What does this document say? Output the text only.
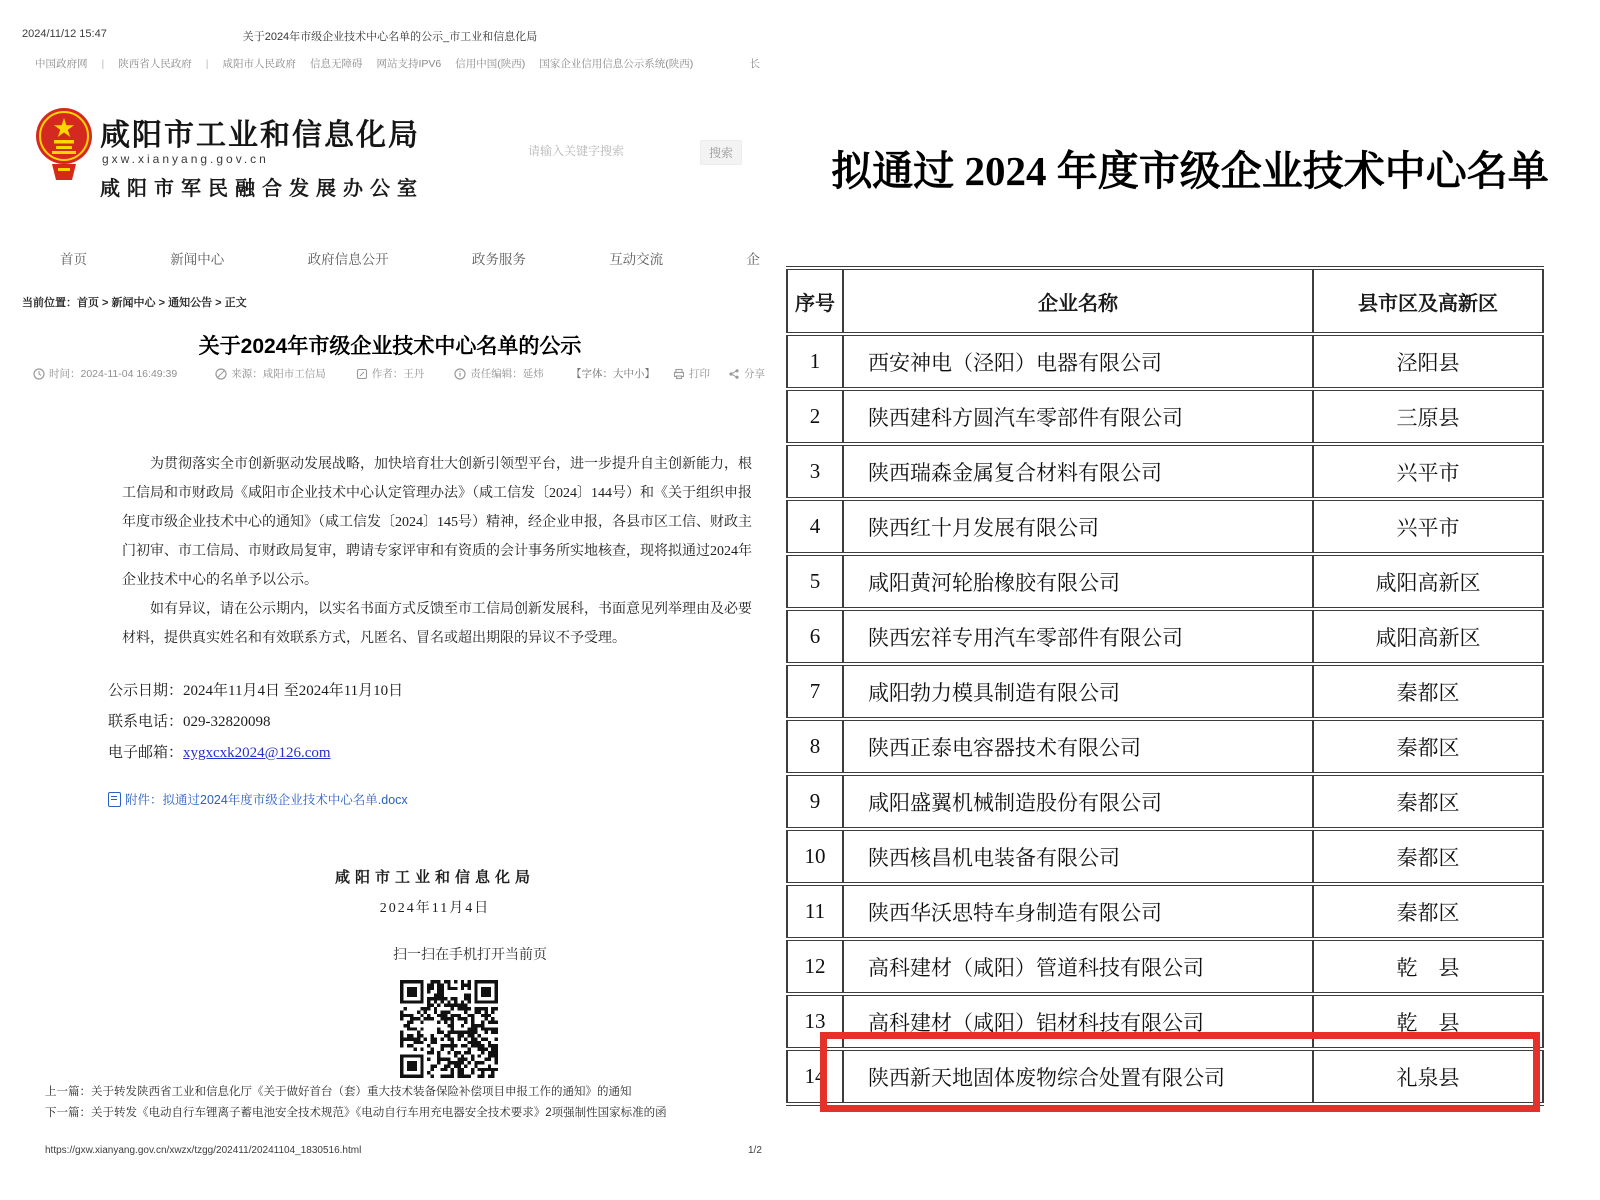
2024/11/12 15:47	关于2024年市级企业技术中心名单的公示_市工业和信息化局
中国政府网 | 陕西省人民政府 | 咸阳市人民政府 信息无障碍 网站支持IPV6 信用中国(陕西) 国家企业信用信息公示系统(陕西)	长
咸阳市工业和信息化局
gxw.xianyang.gov.cn
咸阳市军民融合发展办公室
请输入关键字搜索	搜索
首页	新闻中心	政府信息公开	政务服务	互动交流	企
当前位置：首页 > 新闻中心 > 通知公告 > 正文
关于2024年市级企业技术中心名单的公示
时间：2024-11-04 16:49:39	来源：咸阳市工信局	作者：王丹	责任编辑：延炜	【字体：大中小】	打印	分享
为贯彻落实全市创新驱动发展战略，加快培育壮大创新引领型平台，进一步提升自主创新能力，根
工信局和市财政局《咸阳市企业技术中心认定管理办法》（咸工信发〔2024〕144号）和《关于组织申报
年度市级企业技术中心的通知》（咸工信发〔2024〕145号）精神，经企业申报，各县市区工信、财政主
门初审、市工信局、市财政局复审，聘请专家评审和有资质的会计事务所实地核查，现将拟通过2024年
企业技术中心的名单予以公示。
如有异议，请在公示期内，以实名书面方式反馈至市工信局创新发展科，书面意见列举理由及必要
材料，提供真实姓名和有效联系方式，凡匿名、冒名或超出期限的异议不予受理。
公示日期：2024年11月4日 至2024年11月10日
联系电话：029-32820098
电子邮箱：xygxcxk2024@126.com
附件：拟通过2024年度市级企业技术中心名单.docx
咸阳市工业和信息化局
2024年11月4日
扫一扫在手机打开当前页
上一篇：关于转发陕西省工业和信息化厅《关于做好首台（套）重大技术装备保险补偿项目申报工作的通知》的通知
下一篇：关于转发《电动自行车锂离子蓄电池安全技术规范》《电动自行车用充电器安全技术要求》2项强制性国家标准的函
https://gxw.xianyang.gov.cn/xwzx/tzgg/202411/20241104_1830516.html	1/2
拟通过 2024 年度市级企业技术中心名单
序号	企业名称	县市区及高新区
1	西安神电（泾阳）电器有限公司	泾阳县
2	陕西建科方圆汽车零部件有限公司	三原县
3	陕西瑞森金属复合材料有限公司	兴平市
4	陕西红十月发展有限公司	兴平市
5	咸阳黄河轮胎橡胶有限公司	咸阳高新区
6	陕西宏祥专用汽车零部件有限公司	咸阳高新区
7	咸阳勃力模具制造有限公司	秦都区
8	陕西正泰电容器技术有限公司	秦都区
9	咸阳盛翼机械制造股份有限公司	秦都区
10	陕西核昌机电装备有限公司	秦都区
11	陕西华沃思特车身制造有限公司	秦都区
12	高科建材（咸阳）管道科技有限公司	乾　县
13	高科建材（咸阳）铝材科技有限公司	乾　县
14	陕西新天地固体废物综合处置有限公司	礼泉县
